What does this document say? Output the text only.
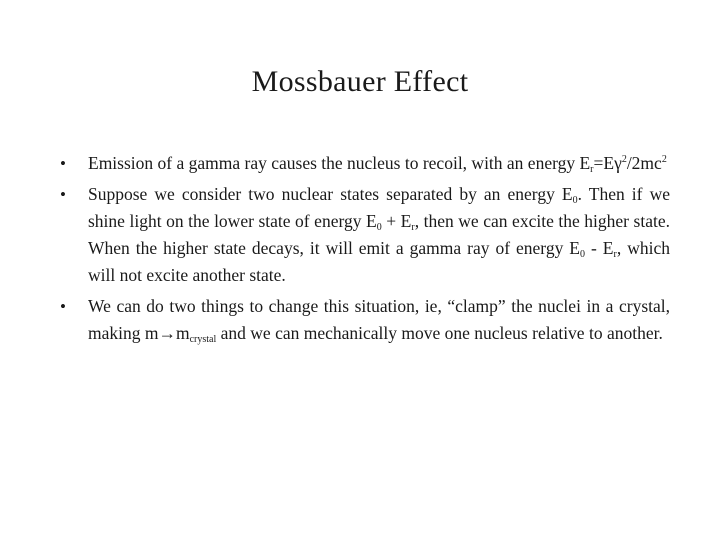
Mossbauer Effect
• Emission of a gamma ray causes the nucleus to recoil, with an energy $E_r=E\gamma^2/2mc^2$
• Suppose we consider two nuclear states separated by an energy $E_0$. Then if we shine light on the lower state of energy $E_0 + E_r$, then we can excite the higher state. When the higher state decays, it will emit a gamma ray of energy $E_0 - E_r$, which will not excite another state.
• We can do two things to change this situation, ie, “clamp” the nuclei in a crystal, making $m\to m_{crystal}$ and we can mechanically move one nucleus relative to another.
